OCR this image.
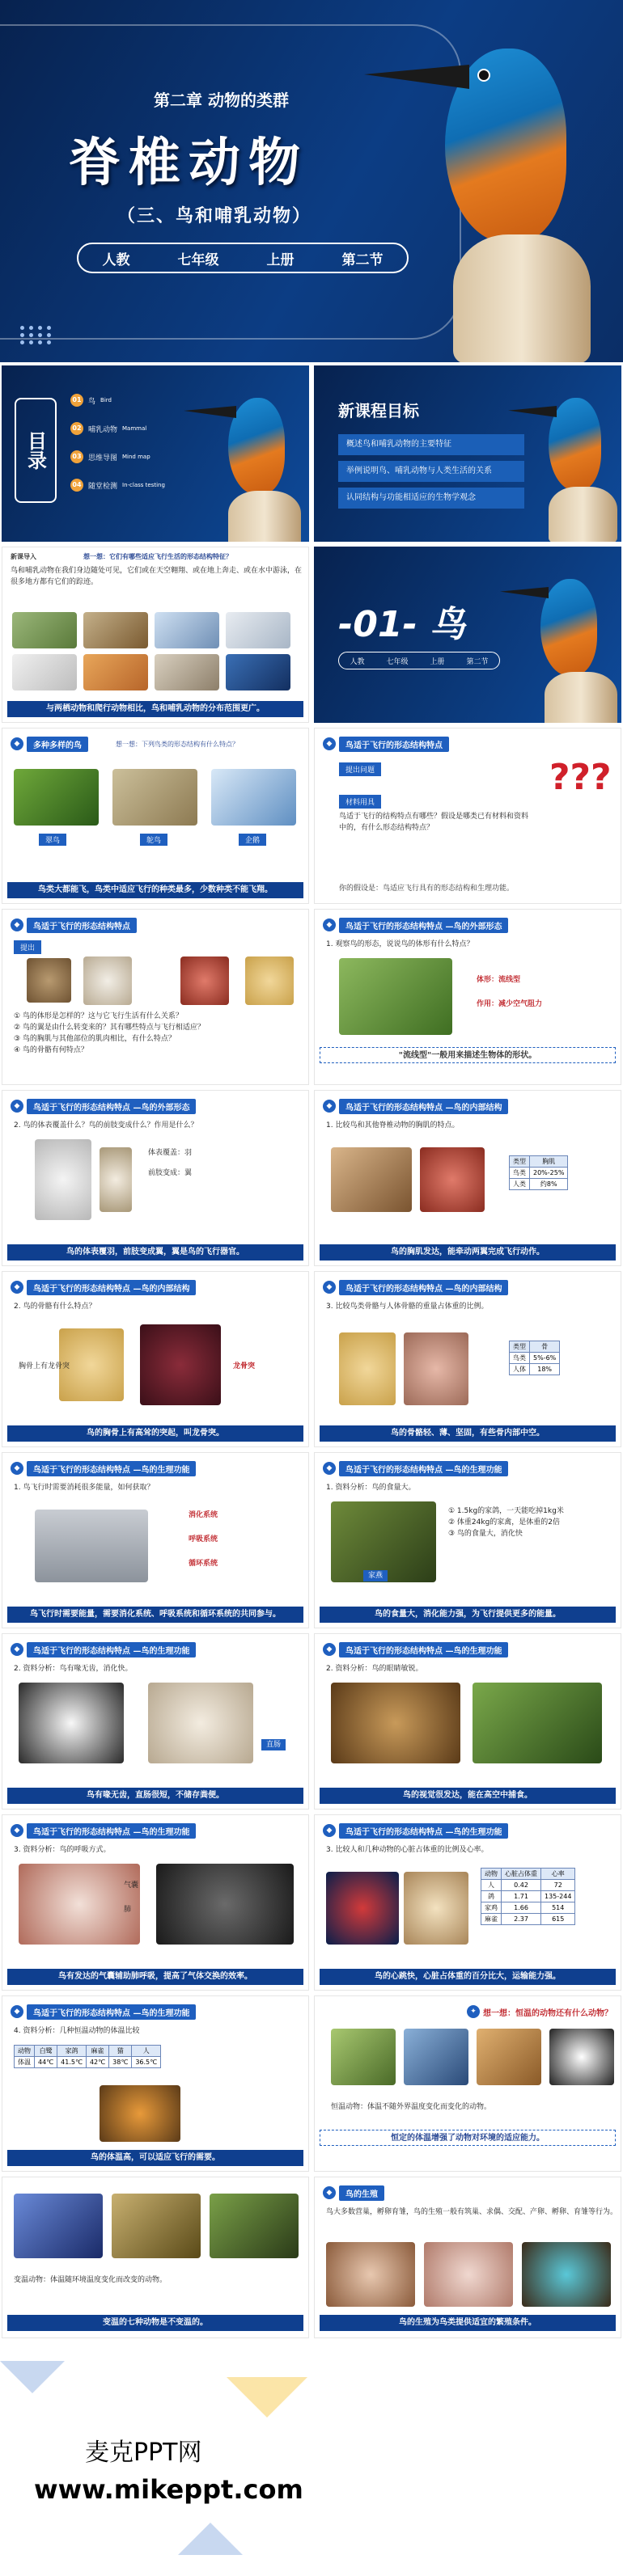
第二章 动物的类群
脊椎动物
（三、鸟和哺乳动物）
人教	七年级	上册	第二节
目录
01 鸟 Bird
02 哺乳动物 Mammal
03 思维导图 Mind map
04 随堂检测 In-class testing
新课程目标
概述鸟和哺乳动物的主要特征
举例说明鸟、哺乳动物与人类生活的关系
认同结构与功能相适应的生物学观念
新课导入	想一想：它们有哪些适应飞行生活的形态结构特征？
鸟和哺乳动物在我们身边随处可见，它们或在天空翱翔、或在地上奔走、或在水中游泳，在很多地方都有它们的踪迹。
与两栖动物和爬行动物相比，鸟和哺乳动物的分布范围更广。
-01- 鸟
人教	七年级	上册	第二节
◆	多种多样的鸟	想一想：下列鸟类的形态结构有什么特点？
翠鸟	鸵鸟	企鹅
鸟类大都能飞，鸟类中适应飞行的种类最多，少数种类不能飞翔。
◆	鸟适于飞行的形态结构特点
提出问题
材料用具
鸟适于飞行的结构特点有哪些？假设是哪类已有材料和资料中的，有什么形态结构特点？
???
你的假设是：鸟适应飞行具有的形态结构和生理功能。
◆	鸟适于飞行的形态结构特点
提出
① 鸟的体形是怎样的？这与它飞行生活有什么关系？
② 鸟的翼是由什么转变来的？其有哪些特点与飞行相适应？
③ 鸟的胸肌与其他部位的肌肉相比，有什么特点？
④ 鸟的骨骼有何特点？
◆	鸟适于飞行的形态结构特点 —鸟的外部形态
1. 观察鸟的形态，说说鸟的体形有什么特点？
体形：流线型
作用：减少空气阻力
"流线型"一般用来描述生物体的形状。
◆	鸟适于飞行的形态结构特点 —鸟的外部形态
2. 鸟的体表覆盖什么？鸟的前肢变成什么？作用是什么？
体表覆盖：羽
前肢变成：翼
鸟的体表覆羽，前肢变成翼，翼是鸟的飞行器官。
◆	鸟适于飞行的形态结构特点 —鸟的内部结构
1. 比较鸟和其他脊椎动物的胸肌的特点。
类型	胸肌
鸟类	20%-25%
人类	约8%
鸟的胸肌发达，能牵动两翼完成飞行动作。
◆	鸟适于飞行的形态结构特点 —鸟的内部结构
2. 鸟的骨骼有什么特点？
胸骨上有龙骨突	龙骨突
鸟的胸骨上有高耸的突起，叫龙骨突。
◆	鸟适于飞行的形态结构特点 —鸟的内部结构
3. 比较鸟类骨骼与人体骨骼的重量占体重的比例。
类型	骨
鸟类	5%-6%
人体	18%
鸟的骨骼轻、薄、坚固，有些骨内部中空。
◆	鸟适于飞行的形态结构特点 —鸟的生理功能
1. 鸟飞行时需要消耗很多能量，如何获取？
消化系统
呼吸系统
循环系统
鸟飞行时需要能量，需要消化系统、呼吸系统和循环系统的共同参与。
◆	鸟适于飞行的形态结构特点 —鸟的生理功能
1. 资料分析：鸟的食量大。
家燕
① 1.5kg的家鸽，一天能吃掉1kg米
② 体重24kg的家禽，是体重的2倍
③ 鸟的食量大，消化快
鸟的食量大，消化能力强，为飞行提供更多的能量。
◆	鸟适于飞行的形态结构特点 —鸟的生理功能
2. 资料分析：鸟有喙无齿，消化快。
直肠
鸟有喙无齿，直肠很短，不储存粪便。
◆	鸟适于飞行的形态结构特点 —鸟的生理功能
2. 资料分析：鸟的眼睛敏锐。
鸟的视觉很发达，能在高空中捕食。
◆	鸟适于飞行的形态结构特点 —鸟的生理功能
3. 资料分析：鸟的呼吸方式。
气囊
肺
鸟有发达的气囊辅助肺呼吸，提高了气体交换的效率。
◆	鸟适于飞行的形态结构特点 —鸟的生理功能
3. 比较人和几种动物的心脏占体重的比例及心率。
动物	心脏占体重	心率
人	0.42	72
鸽	1.71	135-244
家鸡	1.66	514
麻雀	2.37	615
鸟的心跳快，心脏占体重的百分比大，运输能力强。
◆	鸟适于飞行的形态结构特点 —鸟的生理功能
4. 资料分析：几种恒温动物的体温比较
动物	白鹭	家鸽	麻雀	猫	人
体温	44℃	41.5℃	42℃	38℃	36.5℃
鸟的体温高，可以适应飞行的需要。
✦ 想一想：恒温的动物还有什么动物？
恒温动物：体温不随外界温度变化而变化的动物。
恒定的体温增强了动物对环境的适应能力。
变温动物：体温随环境温度变化而改变的动物。
变温的七种动物是不变温的。
◆	鸟的生殖
鸟大多数营巢，孵卵育雏，鸟的生殖一般有筑巢、求偶、交配、产卵、孵卵、育雏等行为。
鸟的生殖为鸟类提供适宜的繁殖条件。
麦克PPT网
www.mikeppt.com
